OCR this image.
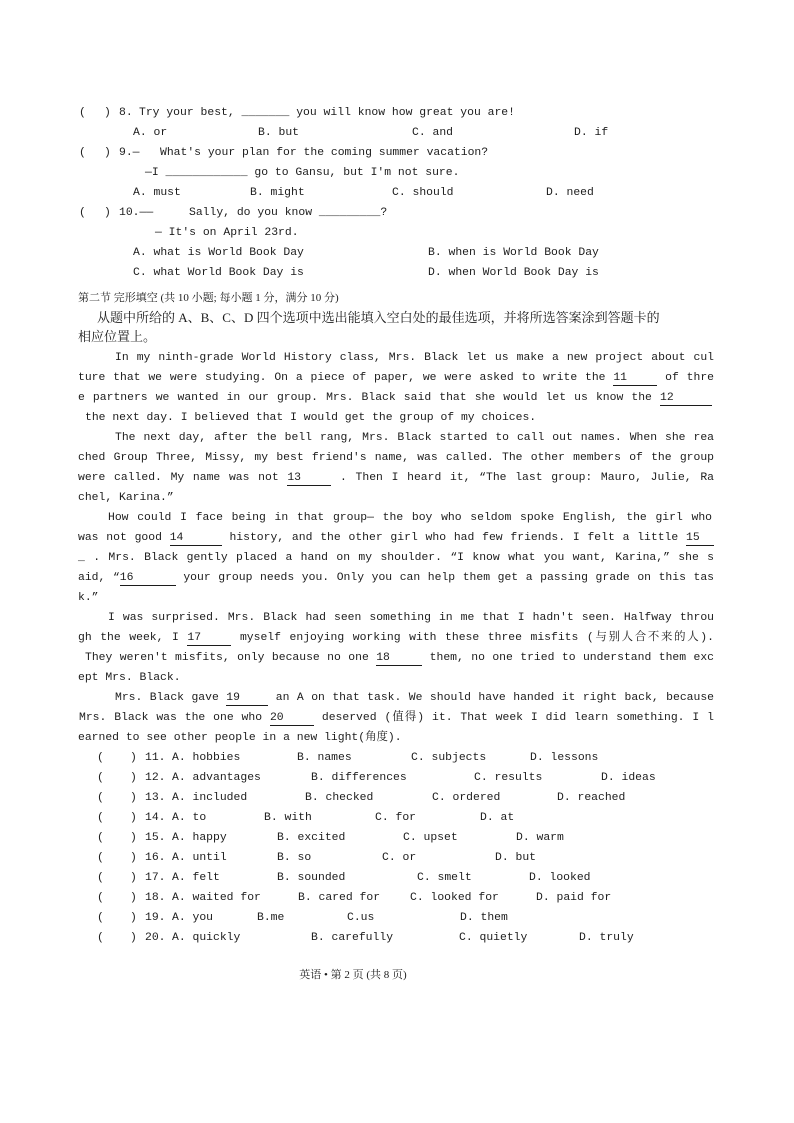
( ) 8. Try your best, _______ you will know how great you are!
A. or	B. but	C. and	D. if
( ) 9.— What's your plan for the coming summer vacation?
—I ____________ go to Gansu, but I'm not sure.
A. must	B. might	C. should	D. need
( ) 10.——	Sally, do you know _________?
— It's on April 23rd.
A. what is World Book Day	B. when is World Book Day
C. what World Book Day is	D. when World Book Day is
第二节 完形填空 (共 10 小题; 每小题 1 分，满分 10 分)
从题中所给的 A、B、C、D 四个选项中选出能填入空白处的最佳选项，并将所选答案涂到答题卡的
相应位置上。
In my ninth-grade World History class, Mrs. Black let us make a new project about cul
ture that we were studying. On a piece of paper, we were asked to write the 11	of thre
e partners we wanted in our group. Mrs. Black said that she would let us know the 12
the next day. I believed that I would get the group of my choices.
The next day, after the bell rang, Mrs. Black started to call out names. When she rea
ched Group Three, Missy, my best friend's name, was called. The other members of the group
were called. My name was not 13	. Then I heard it, “The last group: Mauro, Julie, Ra
chel, Karina.”
How could I face being in that group— the boy who seldom spoke English, the girl who
was not good 14	history, and the other girl who had few friends. I felt a little 15
_ . Mrs. Black gently placed a hand on my shoulder. “I know what you want, Karina,” she s
aid, “16	your group needs you. Only you can help them get a passing grade on this tas
k.”
I was surprised. Mrs. Black had seen something in me that I hadn't seen. Halfway throu
gh the week, I 17	myself enjoying working with these three misfits (与别人合不来的人).
They weren't misfits, only because no one 18	them, no one tried to understand them exc
ept Mrs. Black.
Mrs. Black gave 19 an A on that task. We should have handed it right back, because
Mrs. Black was the one who 20	deserved (值得) it. That week I did learn something. I l
earned to see other people in a new light(角度).
( ) 11. A. hobbies	B. names	C. subjects	D. lessons
( ) 12. A. advantages	B. differences	C. results	D. ideas
( ) 13. A. included	B. checked	C. ordered	D. reached
( ) 14. A. to	B. with	C. for	D. at
( ) 15. A. happy	B. excited	C. upset	D. warm
( ) 16. A. until	B. so	C. or	D. but
( ) 17. A. felt	B. sounded	C. smelt	D. looked
( ) 18. A. waited for	B. cared for	C. looked for	D. paid for
( ) 19. A. you	B.me	C.us	D. them
( ) 20. A. quickly	B. carefully	C. quietly	D. truly
英语 • 第 2 页 (共 8 页)
